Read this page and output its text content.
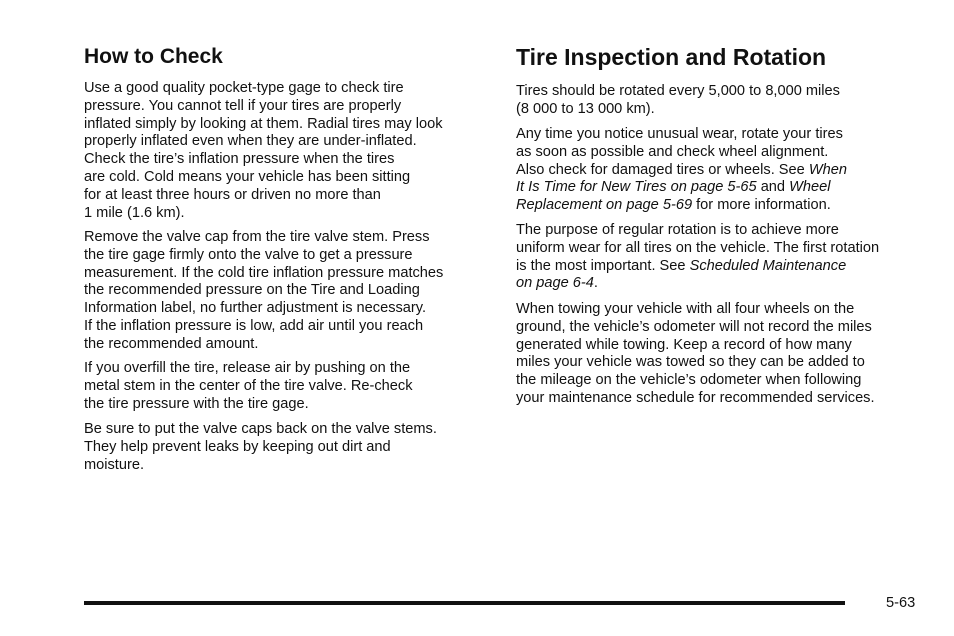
How to Check

Use a good quality pocket-type gage to check tire
pressure. You cannot tell if your tires are properly
inflated simply by looking at them. Radial tires may look
properly inflated even when they are under-inflated.
Check the tire’s inflation pressure when the tires
are cold. Cold means your vehicle has been sitting
for at least three hours or driven no more than
1 mile (1.6 km).

Remove the valve cap from the tire valve stem. Press
the tire gage firmly onto the valve to get a pressure
measurement. If the cold tire inflation pressure matches
the recommended pressure on the Tire and Loading
Information label, no further adjustment is necessary.
If the inflation pressure is low, add air until you reach
the recommended amount.

If you overfill the tire, release air by pushing on the
metal stem in the center of the tire valve. Re-check
the tire pressure with the tire gage.

Be sure to put the valve caps back on the valve stems.
They help prevent leaks by keeping out dirt and
moisture.

Tire Inspection and Rotation

Tires should be rotated every 5,000 to 8,000 miles
(8 000 to 13 000 km).

Any time you notice unusual wear, rotate your tires
as soon as possible and check wheel alignment.
Also check for damaged tires or wheels. See When
It Is Time for New Tires on page 5-65 and Wheel
Replacement on page 5-69 for more information.

The purpose of regular rotation is to achieve more
uniform wear for all tires on the vehicle. The first rotation
is the most important. See Scheduled Maintenance
on page 6-4.

When towing your vehicle with all four wheels on the
ground, the vehicle’s odometer will not record the miles
generated while towing. Keep a record of how many
miles your vehicle was towed so they can be added to
the mileage on the vehicle’s odometer when following
your maintenance schedule for recommended services.

5-63
